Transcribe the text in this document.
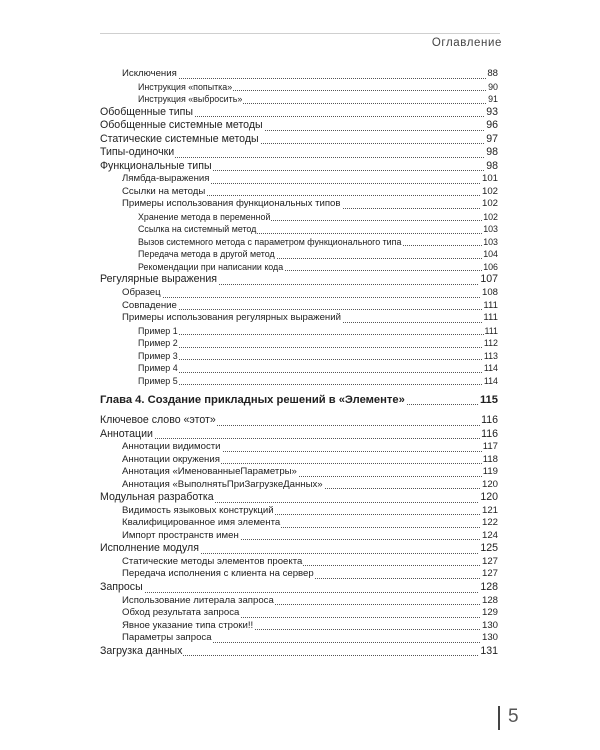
Оглавление
Исключения	88
Инструкция «попытка»	90
Инструкция «выбросить»	91
Обобщенные типы	93
Обобщенные системные методы	96
Статические системные методы	97
Типы-одиночки	98
Функциональные типы	98
Лямбда-выражения	101
Ссылки на методы	102
Примеры использования функциональных типов	102
Хранение метода в переменной	102
Ссылка на системный метод	103
Вызов системного метода с параметром функционального типа	103
Передача метода в другой метод	104
Рекомендации при написании кода	106
Регулярные выражения	107
Образец	108
Совпадение	111
Примеры использования регулярных выражений	111
Пример 1	111
Пример 2	112
Пример 3	113
Пример 4	114
Пример 5	114
Глава 4. Создание прикладных решений в «Элементе»	115
Ключевое слово «этот»	116
Аннотации	116
Аннотации видимости	117
Аннотации окружения	118
Аннотация «ИменованныеПараметры»	119
Аннотация «ВыполнятьПриЗагрузкеДанных»	120
Модульная разработка	120
Видимость языковых конструкций	121
Квалифицированное имя элемента	122
Импорт пространств имен	124
Исполнение модуля	125
Статические методы элементов проекта	127
Передача исполнения с клиента на сервер	127
Запросы	128
Использование литерала запроса	128
Обход результата запроса	129
Явное указание типа строки!!	130
Параметры запроса	130
Загрузка данных	131
5
